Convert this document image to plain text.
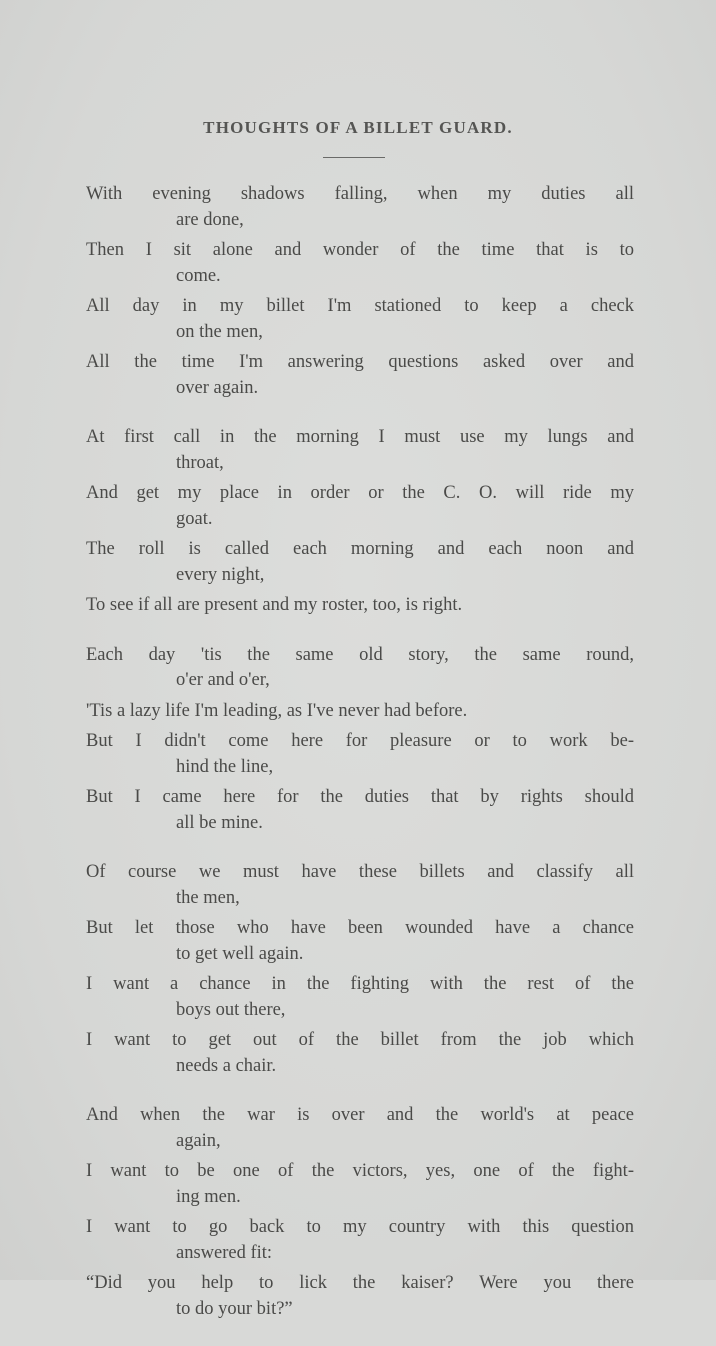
THOUGHTS OF A BILLET GUARD.
With evening shadows falling, when my duties all
are done,
Then I sit alone and wonder of the time that is to
come.
All day in my billet I'm stationed to keep a check
on the men,
All the time I'm answering questions asked over and
over again.
At first call in the morning I must use my lungs and
throat,
And get my place in order or the C. O. will ride my
goat.
The roll is called each morning and each noon and
every night,
To see if all are present and my roster, too, is right.
Each day 'tis the same old story, the same round,
o'er and o'er,
'Tis a lazy life I'm leading, as I've never had before.
But I didn't come here for pleasure or to work be-
hind the line,
But I came here for the duties that by rights should
all be mine.
Of course we must have these billets and classify all
the men,
But let those who have been wounded have a chance
to get well again.
I want a chance in the fighting with the rest of the
boys out there,
I want to get out of the billet from the job which
needs a chair.
And when the war is over and the world's at peace
again,
I want to be one of the victors, yes, one of the fight-
ing men.
I want to go back to my country with this question
answered fit:
“Did you help to lick the kaiser? Were you there
to do your bit?”
